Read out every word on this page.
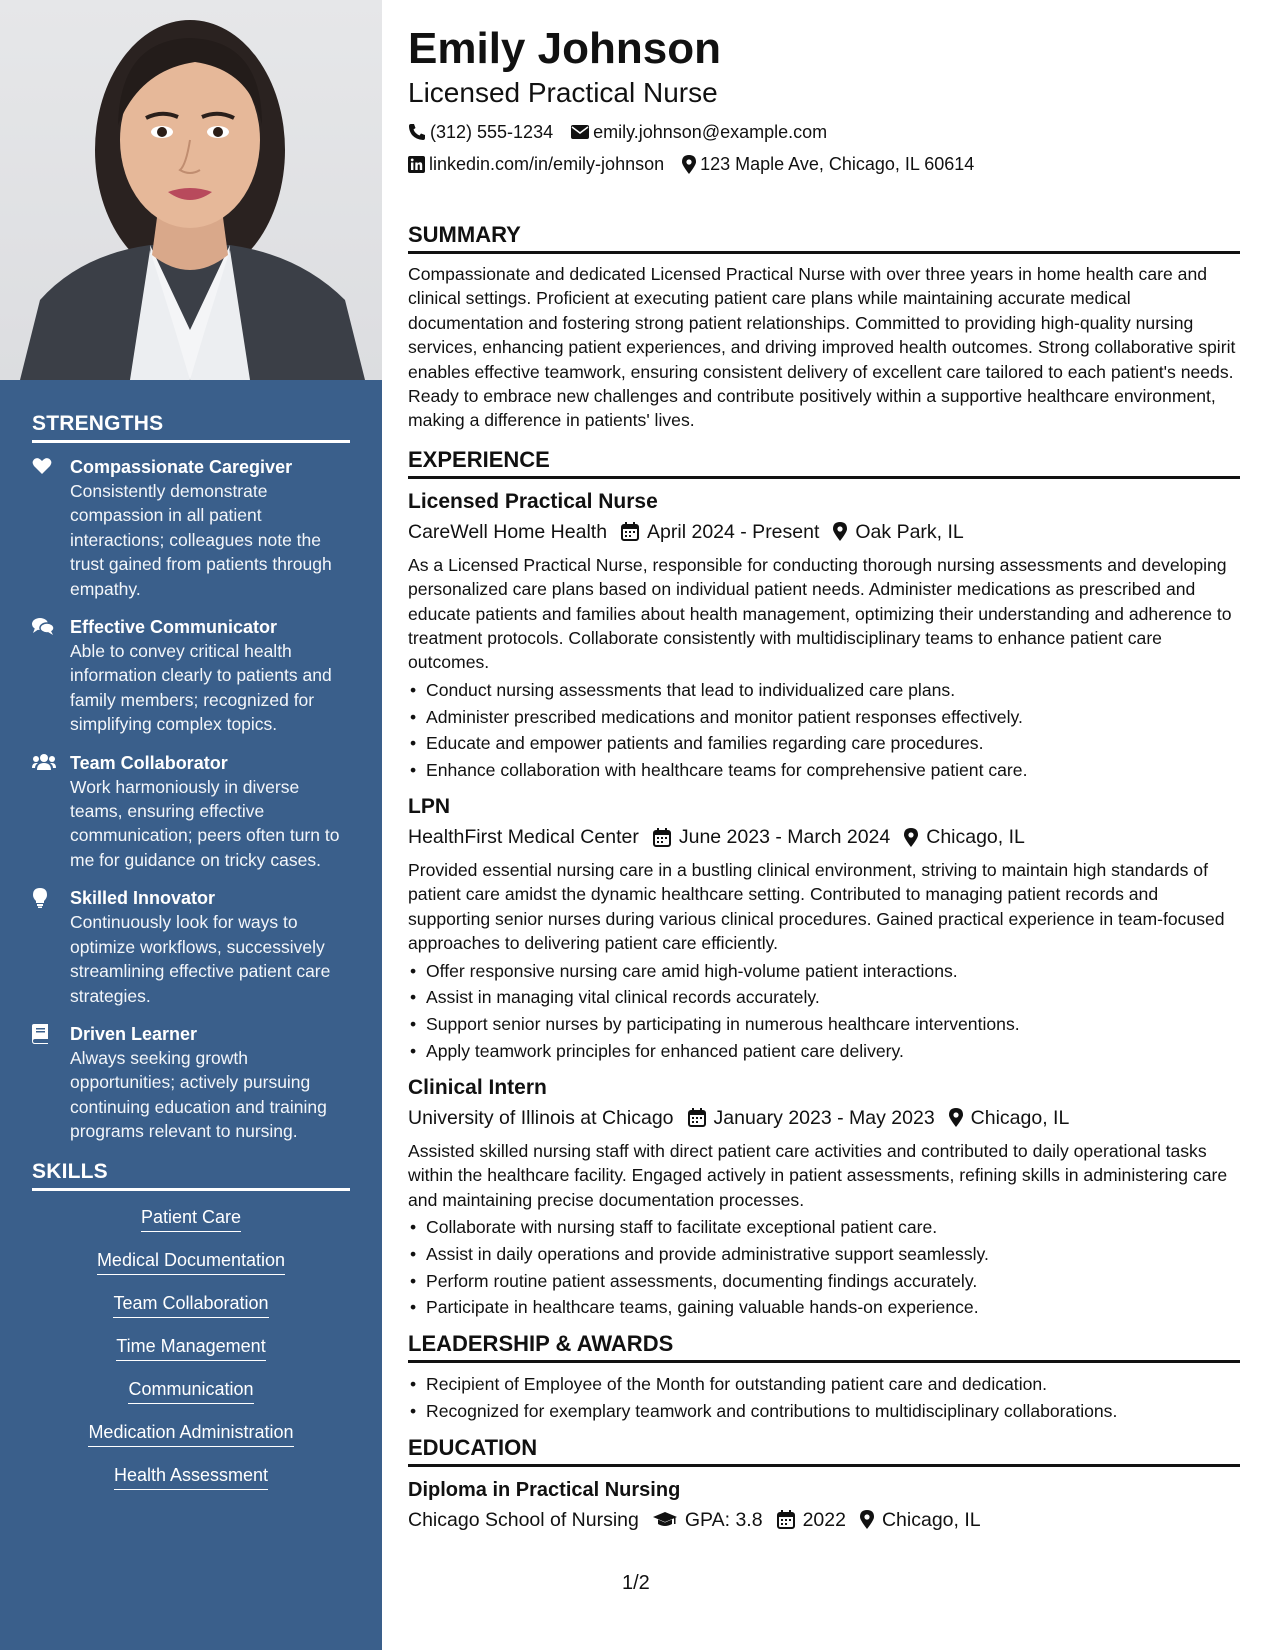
STRENGTHS
Compassionate Caregiver
Consistently demonstrate compassion in all patient interactions; colleagues note the trust gained from patients through empathy.
Effective Communicator
Able to convey critical health information clearly to patients and family members; recognized for simplifying complex topics.
Team Collaborator
Work harmoniously in diverse teams, ensuring effective communication; peers often turn to me for guidance on tricky cases.
Skilled Innovator
Continuously look for ways to optimize workflows, successively streamlining effective patient care strategies.
Driven Learner
Always seeking growth opportunities; actively pursuing continuing education and training programs relevant to nursing.
SKILLS
Patient Care
Medical Documentation
Team Collaboration
Time Management
Communication
Medication Administration
Health Assessment
Emily Johnson
Licensed Practical Nurse
(312) 555-1234 emily.johnson@example.com
linkedin.com/in/emily-johnson 123 Maple Ave, Chicago, IL 60614
SUMMARY

Compassionate and dedicated Licensed Practical Nurse with over three years in home health care and clinical settings. Proficient at executing patient care plans while maintaining accurate medical documentation and fostering strong patient relationships. Committed to providing high-quality nursing services, enhancing patient experiences, and driving improved health outcomes. Strong collaborative spirit enables effective teamwork, ensuring consistent delivery of excellent care tailored to each patient's needs. Ready to embrace new challenges and contribute positively within a supportive healthcare environment, making a difference in patients' lives.

EXPERIENCE
Licensed Practical Nurse
CareWell Home Health April 2024 - Present Oak Park, IL

As a Licensed Practical Nurse, responsible for conducting thorough nursing assessments and developing personalized care plans based on individual patient needs. Administer medications as prescribed and educate patients and families about health management, optimizing their understanding and adherence to treatment protocols. Collaborate consistently with multidisciplinary teams to enhance patient care outcomes.

• Conduct nursing assessments that lead to individualized care plans.
• Administer prescribed medications and monitor patient responses effectively.
• Educate and empower patients and families regarding care procedures.
• Enhance collaboration with healthcare teams for comprehensive patient care.
LPN
HealthFirst Medical Center June 2023 - March 2024 Chicago, IL

Provided essential nursing care in a bustling clinical environment, striving to maintain high standards of patient care amidst the dynamic healthcare setting. Contributed to managing patient records and supporting senior nurses during various clinical procedures. Gained practical experience in team-focused approaches to delivering patient care efficiently.

• Offer responsive nursing care amid high-volume patient interactions.
• Assist in managing vital clinical records accurately.
• Support senior nurses by participating in numerous healthcare interventions.
• Apply teamwork principles for enhanced patient care delivery.
Clinical Intern
University of Illinois at Chicago January 2023 - May 2023 Chicago, IL

Assisted skilled nursing staff with direct patient care activities and contributed to daily operational tasks within the healthcare facility. Engaged actively in patient assessments, refining skills in administering care and maintaining precise documentation processes.

• Collaborate with nursing staff to facilitate exceptional patient care.
• Assist in daily operations and provide administrative support seamlessly.
• Perform routine patient assessments, documenting findings accurately.
• Participate in healthcare teams, gaining valuable hands-on experience.
LEADERSHIP & AWARDS
• Recipient of Employee of the Month for outstanding patient care and dedication.
• Recognized for exemplary teamwork and contributions to multidisciplinary collaborations.
EDUCATION
Diploma in Practical Nursing
Chicago School of Nursing GPA: 3.8 2022 Chicago, IL
1/2
